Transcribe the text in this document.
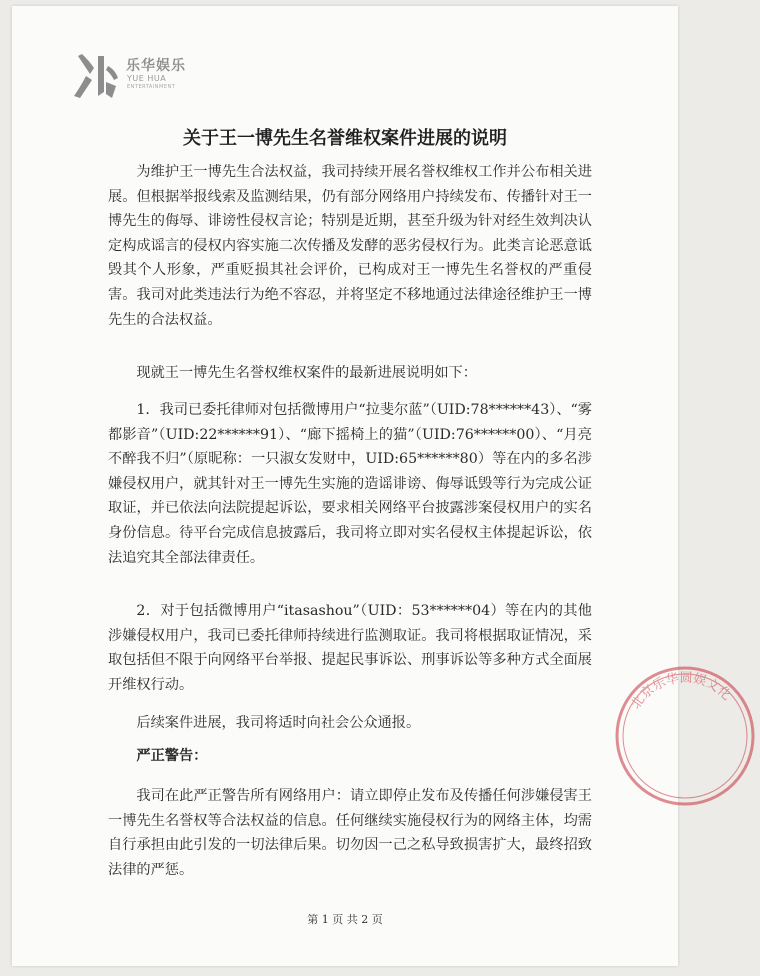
乐华娱乐
YUE HUA
ENTERTAINMENT
关于王一博先生名誉维权案件进展的说明

为维护王一博先生合法权益，我司持续开展名誉权维权工作并公布相关进展。但根据举报线索及监测结果，仍有部分网络用户持续发布、传播针对王一博先生的侮辱、诽谤性侵权言论；特别是近期，甚至升级为针对经生效判决认定构成谣言的侵权内容实施二次传播及发酵的恶劣侵权行为。此类言论恶意诋毁其个人形象，严重贬损其社会评价，已构成对王一博先生名誉权的严重侵害。我司对此类违法行为绝不容忍，并将坚定不移地通过法律途径维护王一博先生的合法权益。

现就王一博先生名誉权维权案件的最新进展说明如下：

1．我司已委托律师对包括微博用户“拉斐尔蓝”（UID:78******43）、“雾都影音”（UID:22******91）、“廊下摇椅上的猫”（UID:76******00）、“月亮不醉我不归”（原昵称：一只淑女发财中，UID:65******80）等在内的多名涉嫌侵权用户，就其针对王一博先生实施的造谣诽谤、侮辱诋毁等行为完成公证取证，并已依法向法院提起诉讼，要求相关网络平台披露涉案侵权用户的实名身份信息。待平台完成信息披露后，我司将立即对实名侵权主体提起诉讼，依法追究其全部法律责任。

2．对于包括微博用户“itasashou”（UID：53******04）等在内的其他涉嫌侵权用户，我司已委托律师持续进行监测取证。我司将根据取证情况，采取包括但不限于向网络平台举报、提起民事诉讼、刑事诉讼等多种方式全面展开维权行动。

后续案件进展，我司将适时向社会公众通报。

严正警告：

我司在此严正警告所有网络用户：请立即停止发布及传播任何涉嫌侵害王一博先生名誉权等合法权益的信息。任何继续实施侵权行为的网络主体，均需自行承担由此引发的一切法律后果。切勿因一己之私导致损害扩大，最终招致法律的严惩。

第 1 页 共 2 页
北京乐华圆娱文化
